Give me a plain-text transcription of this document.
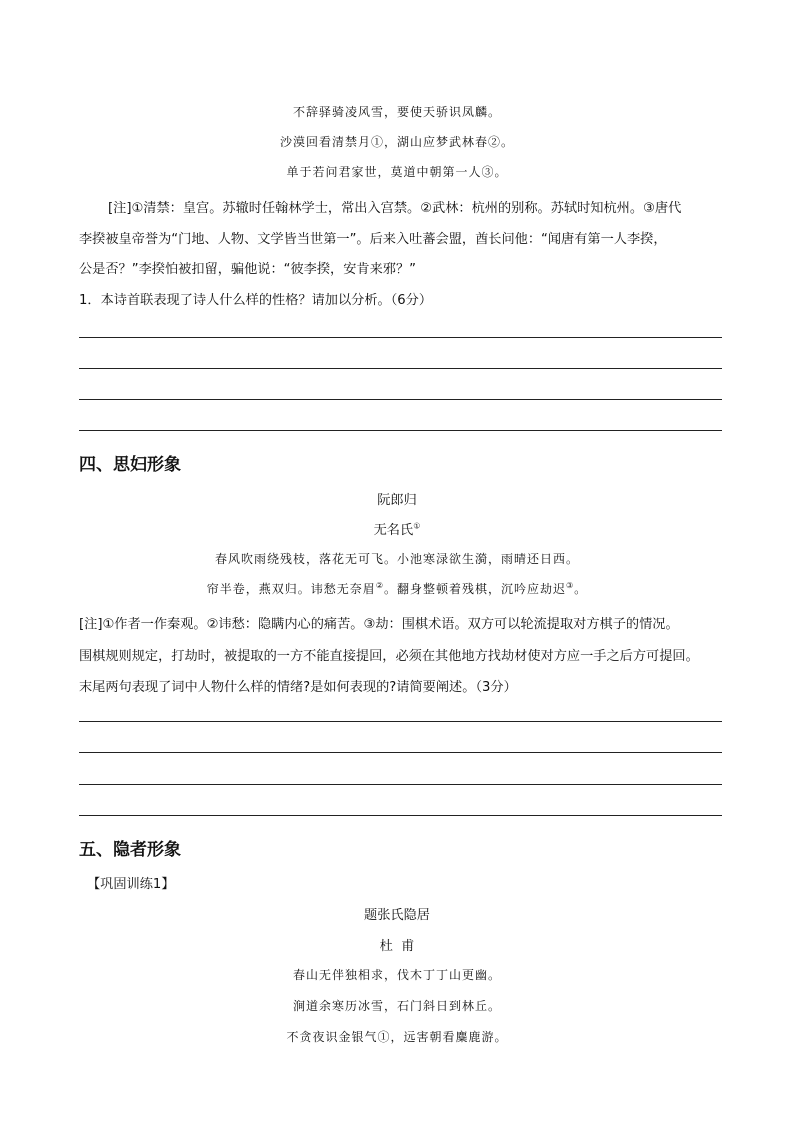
不辞驿骑凌风雪，要使天骄识凤麟。
沙漠回看清禁月①，湖山应梦武林春②。
单于若问君家世，莫道中朝第一人③。
[注]①清禁：皇宫。苏辙时任翰林学士，常出入宫禁。②武林：杭州的别称。苏轼时知杭州。③唐代
李揆被皇帝誉为“门地、人物、文学皆当世第一”。后来入吐蕃会盟，酋长问他：“闻唐有第一人李揆，
公是否？”李揆怕被扣留，骗他说：“彼李揆，安肯来邪？”
1．本诗首联表现了诗人什么样的性格？请加以分析。（6分）
四、思妇形象
阮郎归
无名氏①
春风吹雨绕残枝，落花无可飞。小池寒渌欲生漪，雨晴还日西。
帘半卷，燕双归。讳愁无奈眉②。翻身整顿着残棋，沉吟应劫迟③。
[注]①作者一作秦观。②讳愁：隐瞒内心的痛苦。③劫：围棋术语。双方可以轮流提取对方棋子的情况。
围棋规则规定，打劫时，被提取的一方不能直接提回，必须在其他地方找劫材使对方应一手之后方可提回。
末尾两句表现了词中人物什么样的情绪?是如何表现的?请简要阐述。（3分）
五、隐者形象
【巩固训练1】
题张氏隐居
杜  甫
春山无伴独相求，伐木丁丁山更幽。
涧道余寒历冰雪，石门斜日到林丘。
不贪夜识金银气①，远害朝看麋鹿游。
